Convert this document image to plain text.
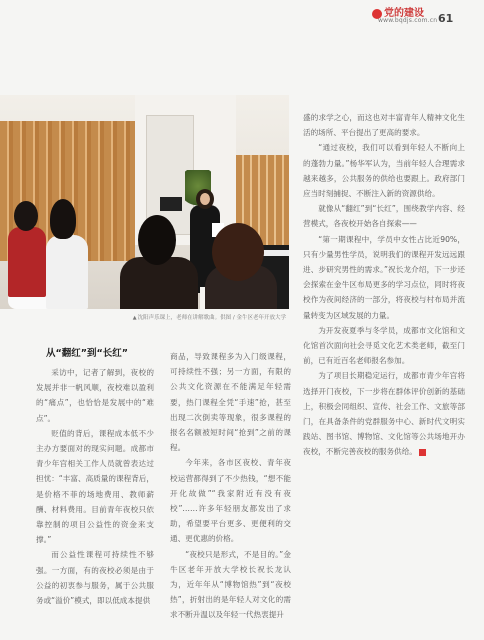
党的建设
www.bqdjs.com.cn 61
▲ 沈阳声乐课上，老师在讲解歌曲。供图 / 金牛区老年开放大学

盛的求学之心，而这也对丰富青年人精神文化生活的场所、平台提出了更高的要求。

“通过夜校，我们可以看到年轻人不断向上的蓬勃力量。”杨华军认为，当前年轻人合理需求越来越多，公共服务的供给也要跟上。政府部门应当时刻捕捉、不断注入新的资源供给。

就像从“翻红”到“长红”，围绕教学内容、经营模式，各夜校开始各自探索——

“第一期课程中，学员中女性占比近90%，只有少量男性学员，说明我们的课程开发远远跟进、步研究男性的需求。”祝长龙介绍，下一步还会探索在金牛区布局更多的学习点位，同时将夜校作为夜间经济的一部分，将夜校与村布局并流量转变为区域发展的力量。

为开发夜夏季与冬学员，成都市文化馆和文化馆首次面向社会寻觅文化艺术类老师，截至门前，已有近百名老师报名参加。

为了项目长期稳定运行，成都市青少年宫将选择开门夜校，下一步将在群体评价创新的基础上，积极会同组织、宣传、社会工作、文旅等部门，在具备条件的党群服务中心、新时代文明实践站、图书馆、博物馆、文化馆等公共场地开办夜校，不断完善夜校的服务供给。

从“翻红”到“长红”

采访中，记者了解到，夜校的发展并非一帆风顺，夜校难以盈利的“痛点”，也恰恰是发展中的“难点”。

贬值的背后，课程成本低不少主办方要面对的现实问题。成都市青少年宫相关工作人员就曾表达过担忧：“丰富、高质量的课程背后，是价格不菲的场地费用、教师薪酬、材料费用。目前青年夜校只依靠控制的项目公益性的资金来支撑。”

而公益性课程可持续性不够强。一方面，有的夜校必须是由于公益的初衷参与服务，属于公共服务或“溢价”模式，即以低成本提供

商品，导致课程多为入门级课程，可持续性不强；另一方面，有限的公共文化资源在不能满足年轻需要，热门课程全凭“手速”抢，甚至出现二次倒卖等现象，很多课程的报名名额被短时间“抢到”之前的课程。

今年来，各市区夜校、青年夜校运营都得到了不少热钱，“想不能开化故做”“我家附近有没有夜校”……许多年轻朋友都发出了求助，希望要平台更多、更便利的交通、更优惠的价格。

“夜校只是形式，不是目的。”金牛区老年开放大学校长祝长龙认为，近年年从“博物馆热”到“夜校热”，折射出的是年轻人对文化的需求不断升温以及年轻一代热衷提升
